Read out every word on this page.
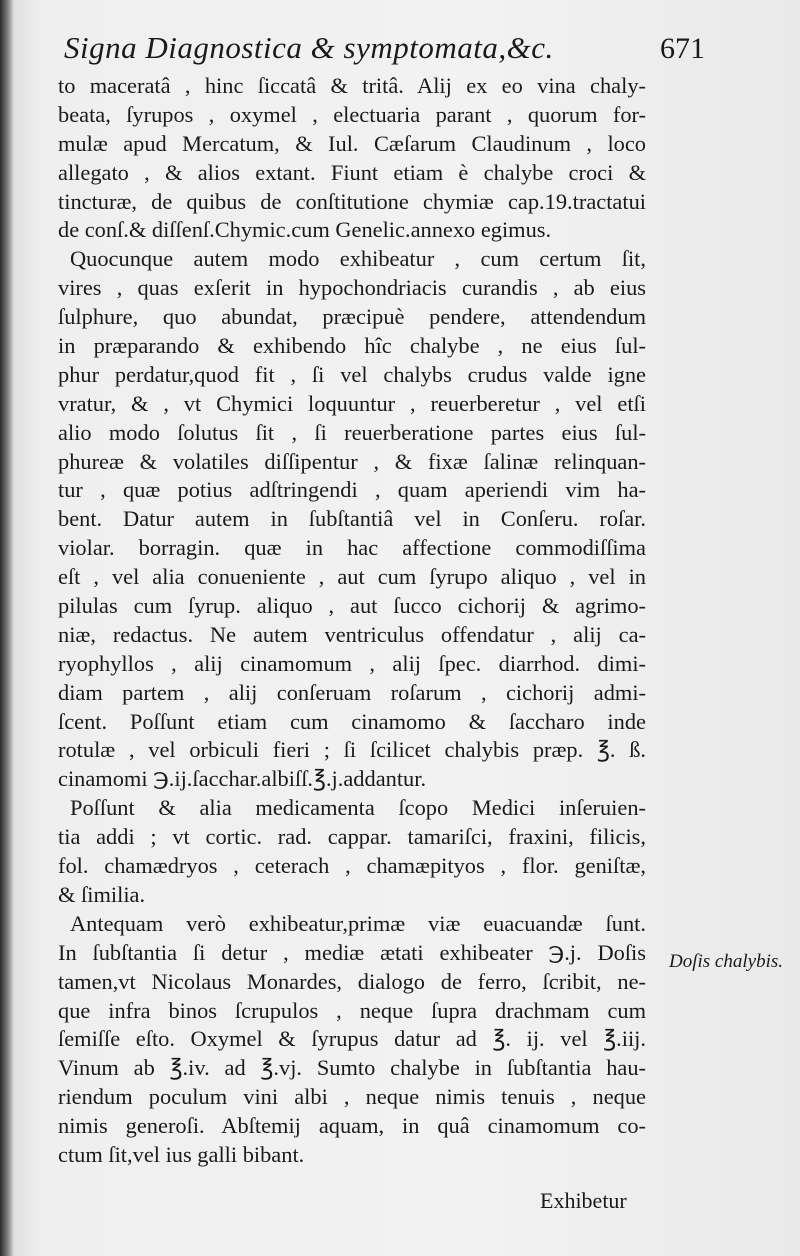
Signa Diagnostica & symptomata,&c.	671
to maceratâ , hinc ſiccatâ & tritâ. Alij ex eo vina chaly-
beata, ſyrupos , oxymel , electuaria parant , quorum for-
mulæ apud Mercatum, & Iul. Cæſarum Claudinum , loco
allegato , & alios extant. Fiunt etiam è chalybe croci &
tincturæ, de quibus de conſtitutione chymiæ cap.19.tractatui
de conſ.& diſſenſ.Chymic.cum Genelic.annexo egimus.
Quocunque autem modo exhibeatur , cum certum ſit,
vires , quas exſerit in hypochondriacis curandis , ab eius
ſulphure, quo abundat, præcipuè pendere, attendendum
in præparando & exhibendo hîc chalybe , ne eius ſul-
phur perdatur,quod fit , ſi vel chalybs crudus valde igne
vratur, & , vt Chymici loquuntur , reuerberetur , vel etſi
alio modo ſolutus ſit , ſi reuerberatione partes eius ſul-
phureæ & volatiles diſſipentur , & fixæ ſalinæ relinquan-
tur , quæ potius adſtringendi , quam aperiendi vim ha-
bent. Datur autem in ſubſtantiâ vel in Conſeru. roſar.
violar. borragin. quæ in hac affectione commodiſſima
eſt , vel alia conueniente , aut cum ſyrupo aliquo , vel in
pilulas cum ſyrup. aliquo , aut ſucco cichorij & agrimo-
niæ, redactus. Ne autem ventriculus offendatur , alij ca-
ryophyllos , alij cinamomum , alij ſpec. diarrhod. dimi-
diam partem , alij conſeruam roſarum , cichorij admi-
ſcent. Poſſunt etiam cum cinamomo & ſaccharo inde
rotulæ , vel orbiculi fieri ; ſi ſcilicet chalybis præp. ℥. ß.
cinamomi ℈.ij.ſacchar.albiſſ.℥.j.addantur.
Poſſunt & alia medicamenta ſcopo Medici inſeruien-
tia addi ; vt cortic. rad. cappar. tamariſci, fraxini, filicis,
fol. chamædryos , ceterach , chamæpityos , flor. geniſtæ,
& ſimilia.
Antequam verò exhibeatur,primæ viæ euacuandæ ſunt.
In ſubſtantia ſi detur , mediæ ætati exhibeater ℈.j. Doſis
tamen,vt Nicolaus Monardes, dialogo de ferro, ſcribit, ne-
que infra binos ſcrupulos , neque ſupra drachmam cum
ſemiſſe eſto. Oxymel & ſyrupus datur ad ℥. ij. vel ℥.iij.
Vinum ab ℥.iv. ad ℥.vj. Sumto chalybe in ſubſtantia hau-
riendum poculum vini albi , neque nimis tenuis , neque
nimis generoſi. Abſtemij aquam, in quâ cinamomum co-
ctum ſit,vel ius galli bibant.
Doſis chalybis.
Exhibetur
